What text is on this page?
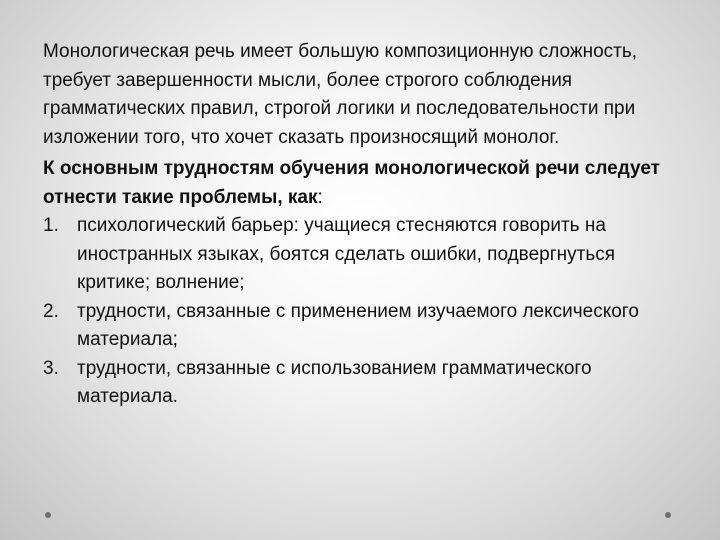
Монологическая речь имеет большую композиционную сложность, требует завершенности мысли, более строгого соблюдения грамматических правил, строгой логики и последовательности при изложении того, что хочет сказать произносящий монолог.

К основным трудностям обучения монологической речи следует отнести такие проблемы, как:

1. психологический барьер: учащиеся стесняются говорить на иностранных языках, боятся сделать ошибки, подвергнуться критике; волнение;
2. трудности, связанные с применением изучаемого лексического материала;
3. трудности, связанные с использованием грамматического материала.
